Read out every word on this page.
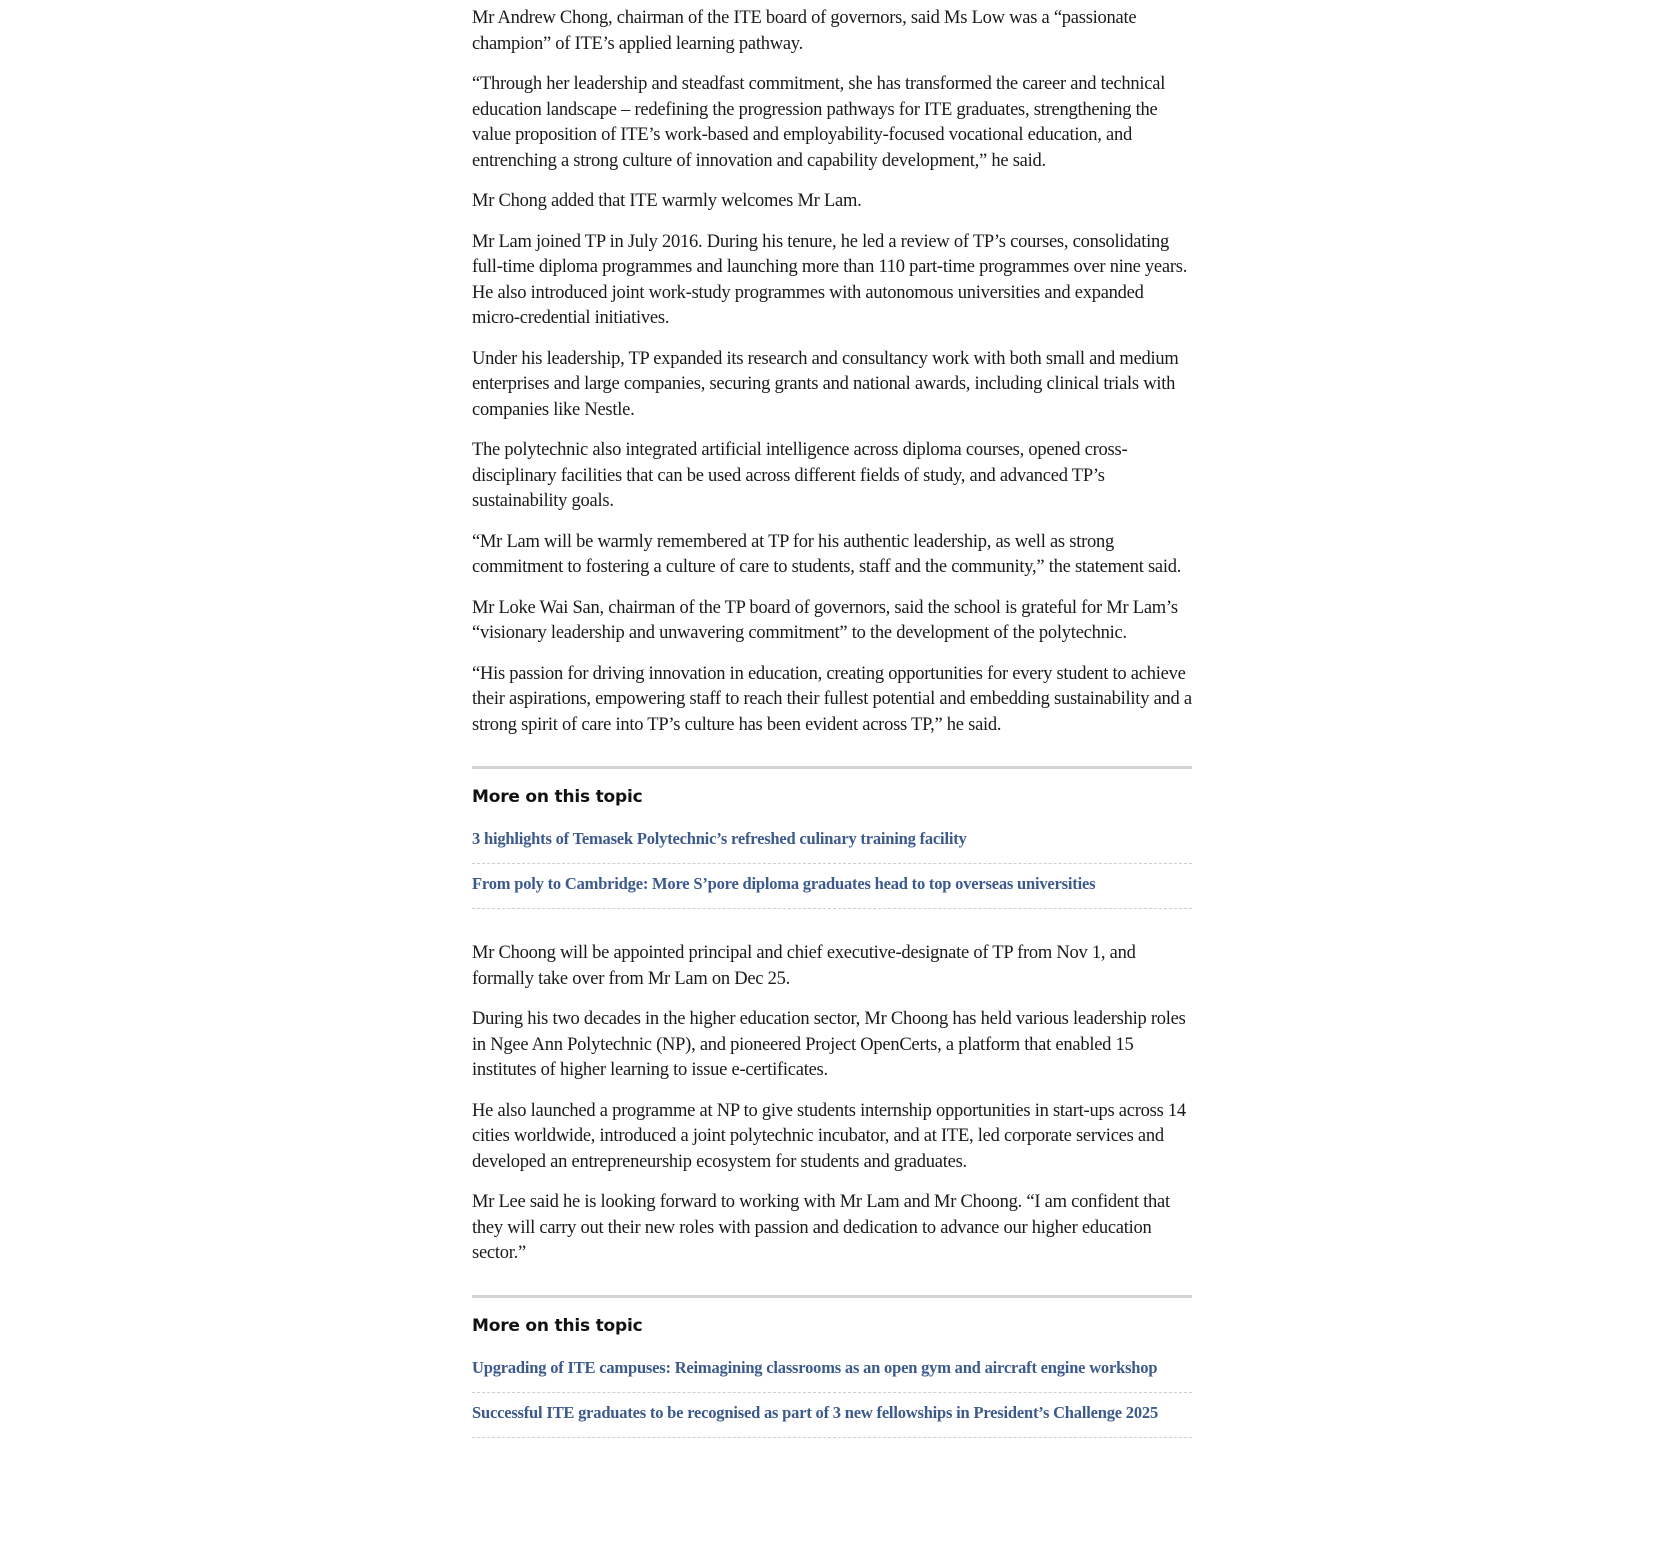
Mr Andrew Chong, chairman of the ITE board of governors, said Ms Low was a “passionate champion” of ITE’s applied learning pathway.

“Through her leadership and steadfast commitment, she has transformed the career and technical education landscape – redefining the progression pathways for ITE graduates, strengthening the value proposition of ITE’s work-based and employability-focused vocational education, and entrenching a strong culture of innovation and capability development,” he said.

Mr Chong added that ITE warmly welcomes Mr Lam.

Mr Lam joined TP in July 2016. During his tenure, he led a review of TP’s courses, consolidating full-time diploma programmes and launching more than 110 part-time programmes over nine years. He also introduced joint work-study programmes with autonomous universities and expanded micro-credential initiatives.

Under his leadership, TP expanded its research and consultancy work with both small and medium enterprises and large companies, securing grants and national awards, including clinical trials with companies like Nestle.

The polytechnic also integrated artificial intelligence across diploma courses, opened cross-disciplinary facilities that can be used across different fields of study, and advanced TP’s sustainability goals.

“Mr Lam will be warmly remembered at TP for his authentic leadership, as well as strong commitment to fostering a culture of care to students, staff and the community,” the statement said.

Mr Loke Wai San, chairman of the TP board of governors, said the school is grateful for Mr Lam’s “visionary leadership and unwavering commitment” to the development of the polytechnic.

“His passion for driving innovation in education, creating opportunities for every student to achieve their aspirations, empowering staff to reach their fullest potential and embedding sustainability and a strong spirit of care into TP’s culture has been evident across TP,” he said.

More on this topic
3 highlights of Temasek Polytechnic’s refreshed culinary training facility
From poly to Cambridge: More S’pore diploma graduates head to top overseas universities

Mr Choong will be appointed principal and chief executive-designate of TP from Nov 1, and formally take over from Mr Lam on Dec 25.

During his two decades in the higher education sector, Mr Choong has held various leadership roles in Ngee Ann Polytechnic (NP), and pioneered Project OpenCerts, a platform that enabled 15 institutes of higher learning to issue e-certificates.

He also launched a programme at NP to give students internship opportunities in start-ups across 14 cities worldwide, introduced a joint polytechnic incubator, and at ITE, led corporate services and developed an entrepreneurship ecosystem for students and graduates.

Mr Lee said he is looking forward to working with Mr Lam and Mr Choong. “I am confident that they will carry out their new roles with passion and dedication to advance our higher education sector.”

More on this topic
Upgrading of ITE campuses: Reimagining classrooms as an open gym and aircraft engine workshop
Successful ITE graduates to be recognised as part of 3 new fellowships in President’s Challenge 2025
